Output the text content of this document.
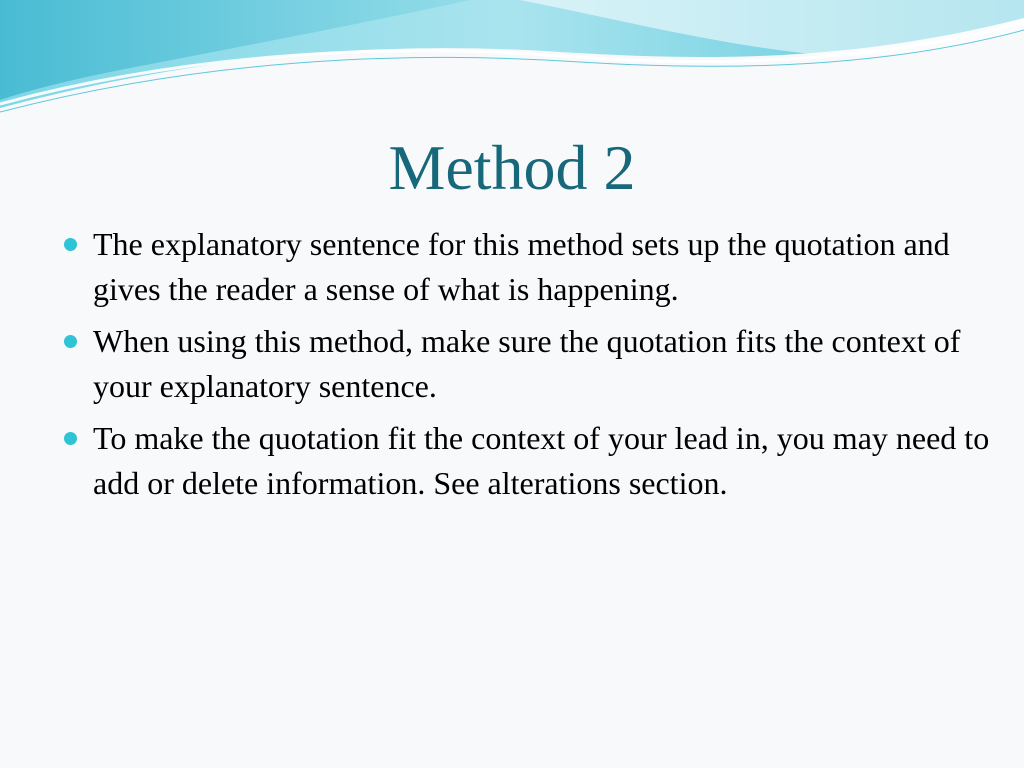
Method 2
The explanatory sentence for this method sets up the quotation and gives the reader a sense of what is happening.
When using this method, make sure the quotation fits the context of your explanatory sentence.
To make the quotation fit the context of your lead in, you may need to add or delete information. See alterations section.
